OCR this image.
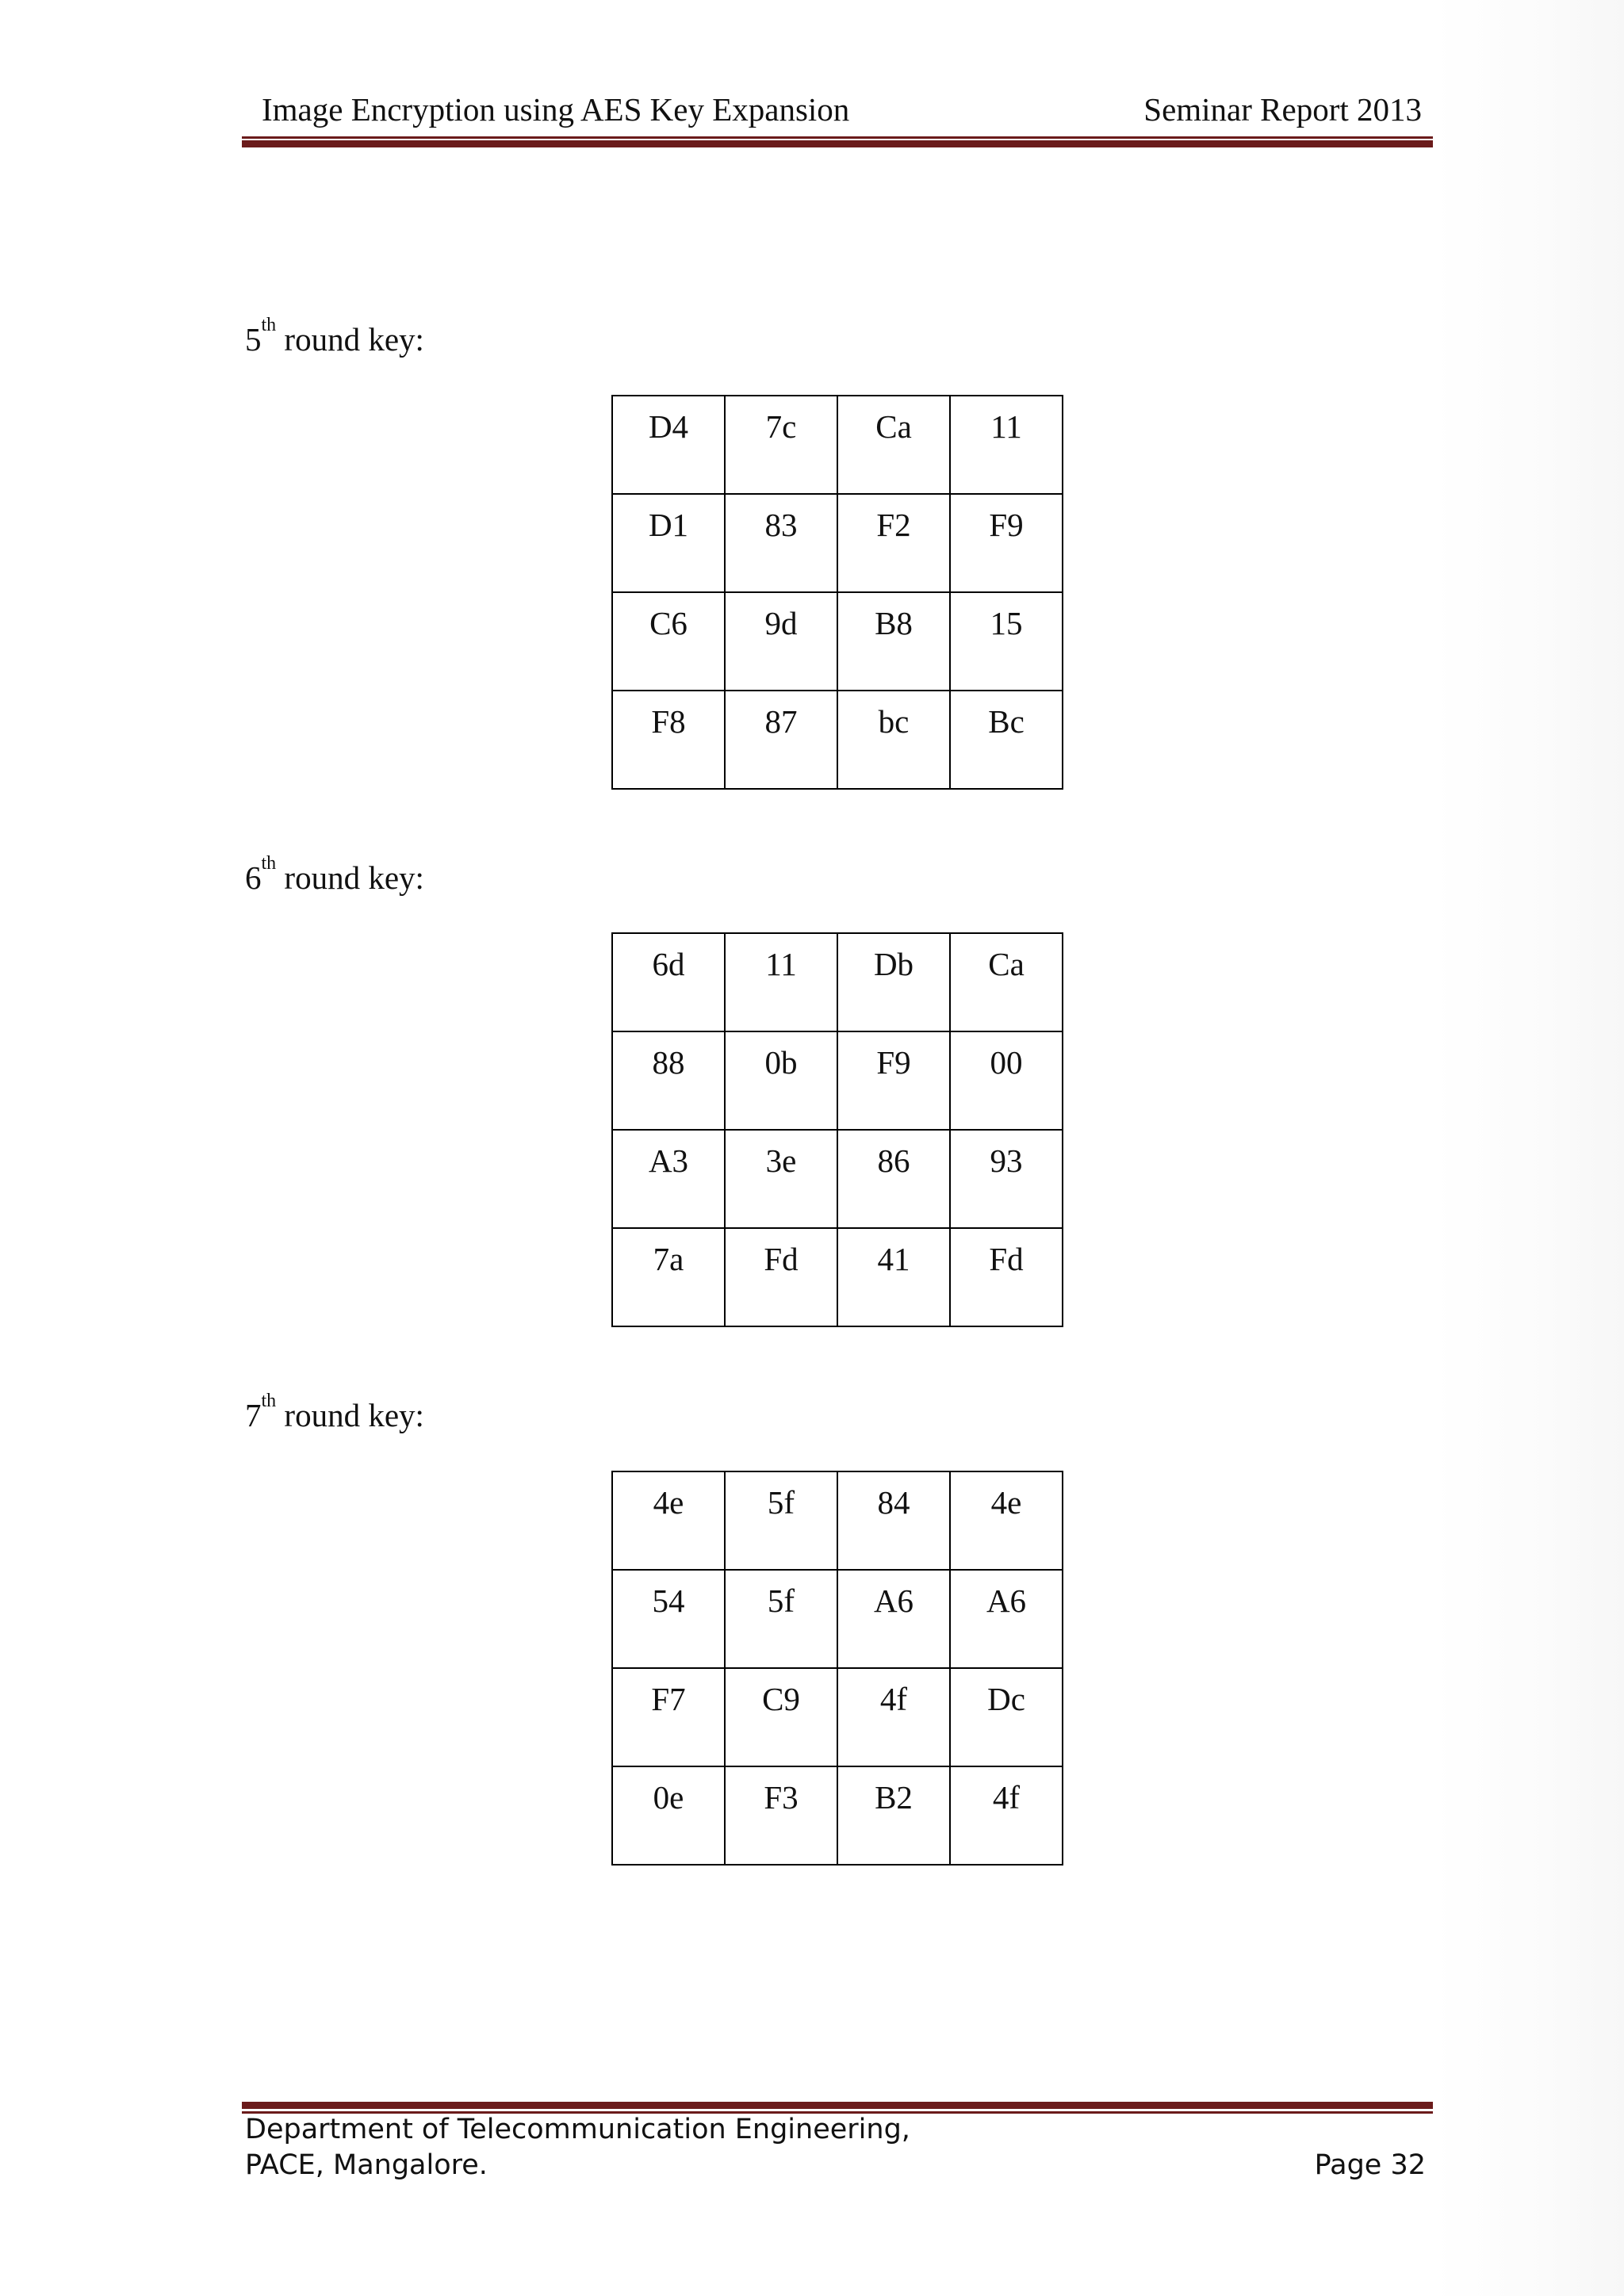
Image Encryption using AES Key Expansion	Seminar Report 2013
5th round key:
D4	7c	Ca	11
D1	83	F2	F9
C6	9d	B8	15
F8	87	bc	Bc
6th round key:
6d	11	Db	Ca
88	0b	F9	00
A3	3e	86	93
7a	Fd	41	Fd
7th round key:
4e	5f	84	4e
54	5f	A6	A6
F7	C9	4f	Dc
0e	F3	B2	4f
Department of Telecommunication Engineering,
PACE, Mangalore.	Page 32
